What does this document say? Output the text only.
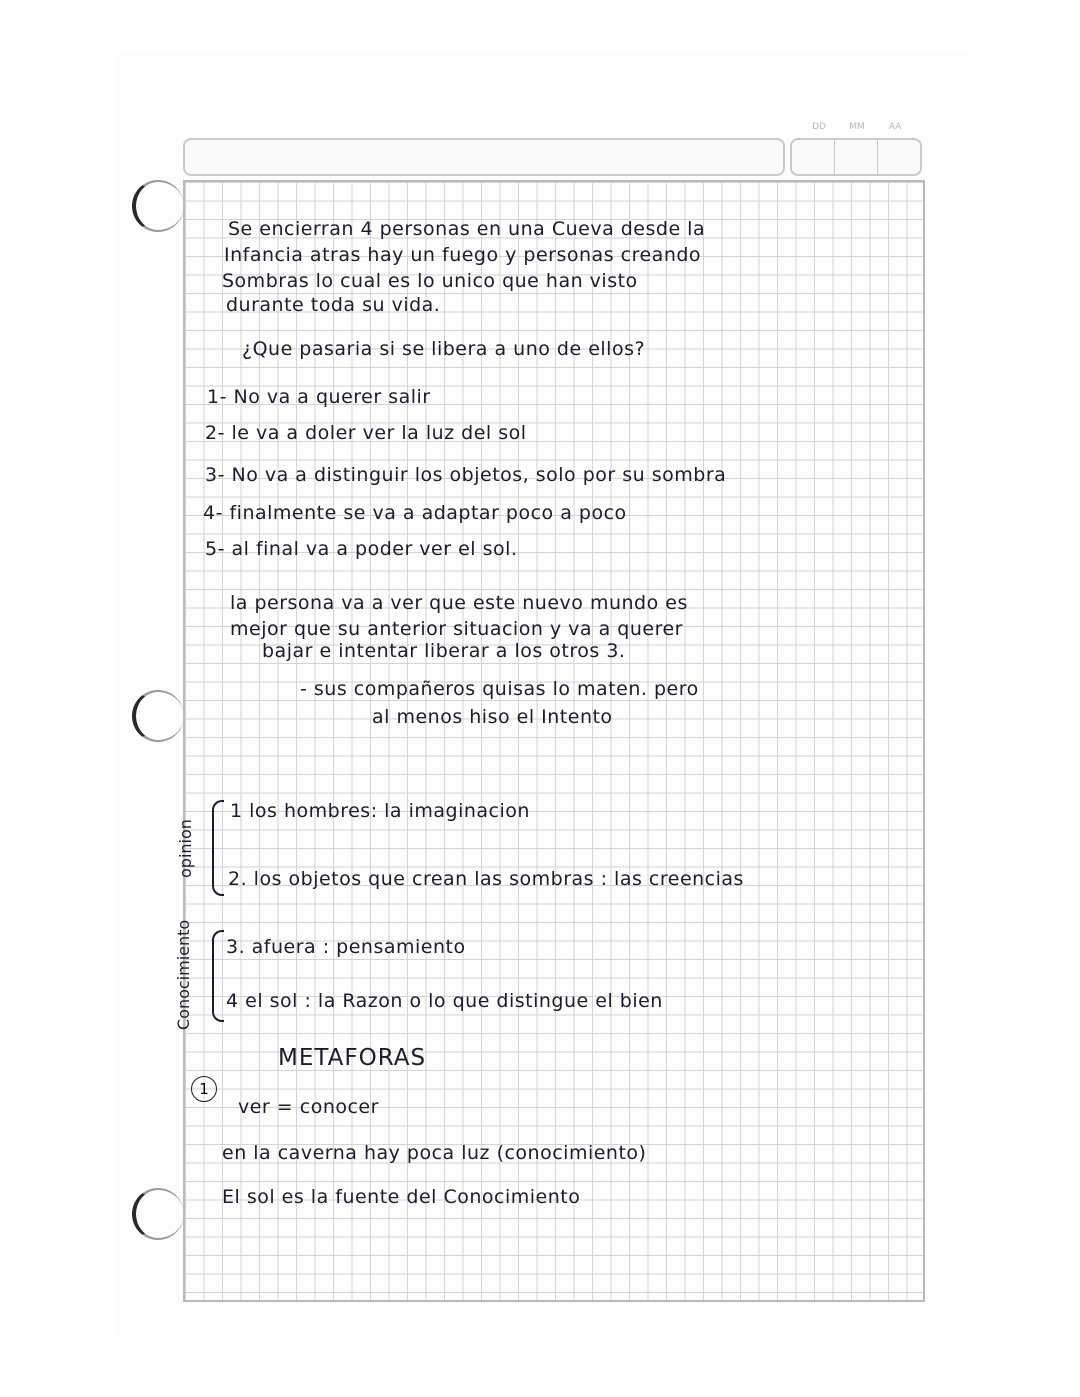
DD	MM	AA
Se encierran 4 personas en una Cueva desde la
Infancia atras hay un fuego y personas creando
Sombras lo cual es lo unico que han visto
durante toda su vida.
¿Que pasaria si se libera a uno de ellos?
1- No va a querer salir
2- le va a doler ver la luz del sol
3- No va a distinguir los objetos, solo por su sombra
4- finalmente se va a adaptar poco a poco
5- al final va a poder ver el sol.
la persona va a ver que este nuevo mundo es
mejor que su anterior situacion y va a querer
bajar e intentar liberar a los otros 3.
- sus compañeros quisas lo maten. pero
al menos hiso el Intento
opinion
Conocimiento
1 los hombres: la imaginacion
2. los objetos que crean las sombras : las creencias
3. afuera : pensamiento
4 el sol : la Razon o lo que distingue el bien
METAFORAS
1
ver = conocer
en la caverna hay poca luz (conocimiento)
El sol es la fuente del Conocimiento
